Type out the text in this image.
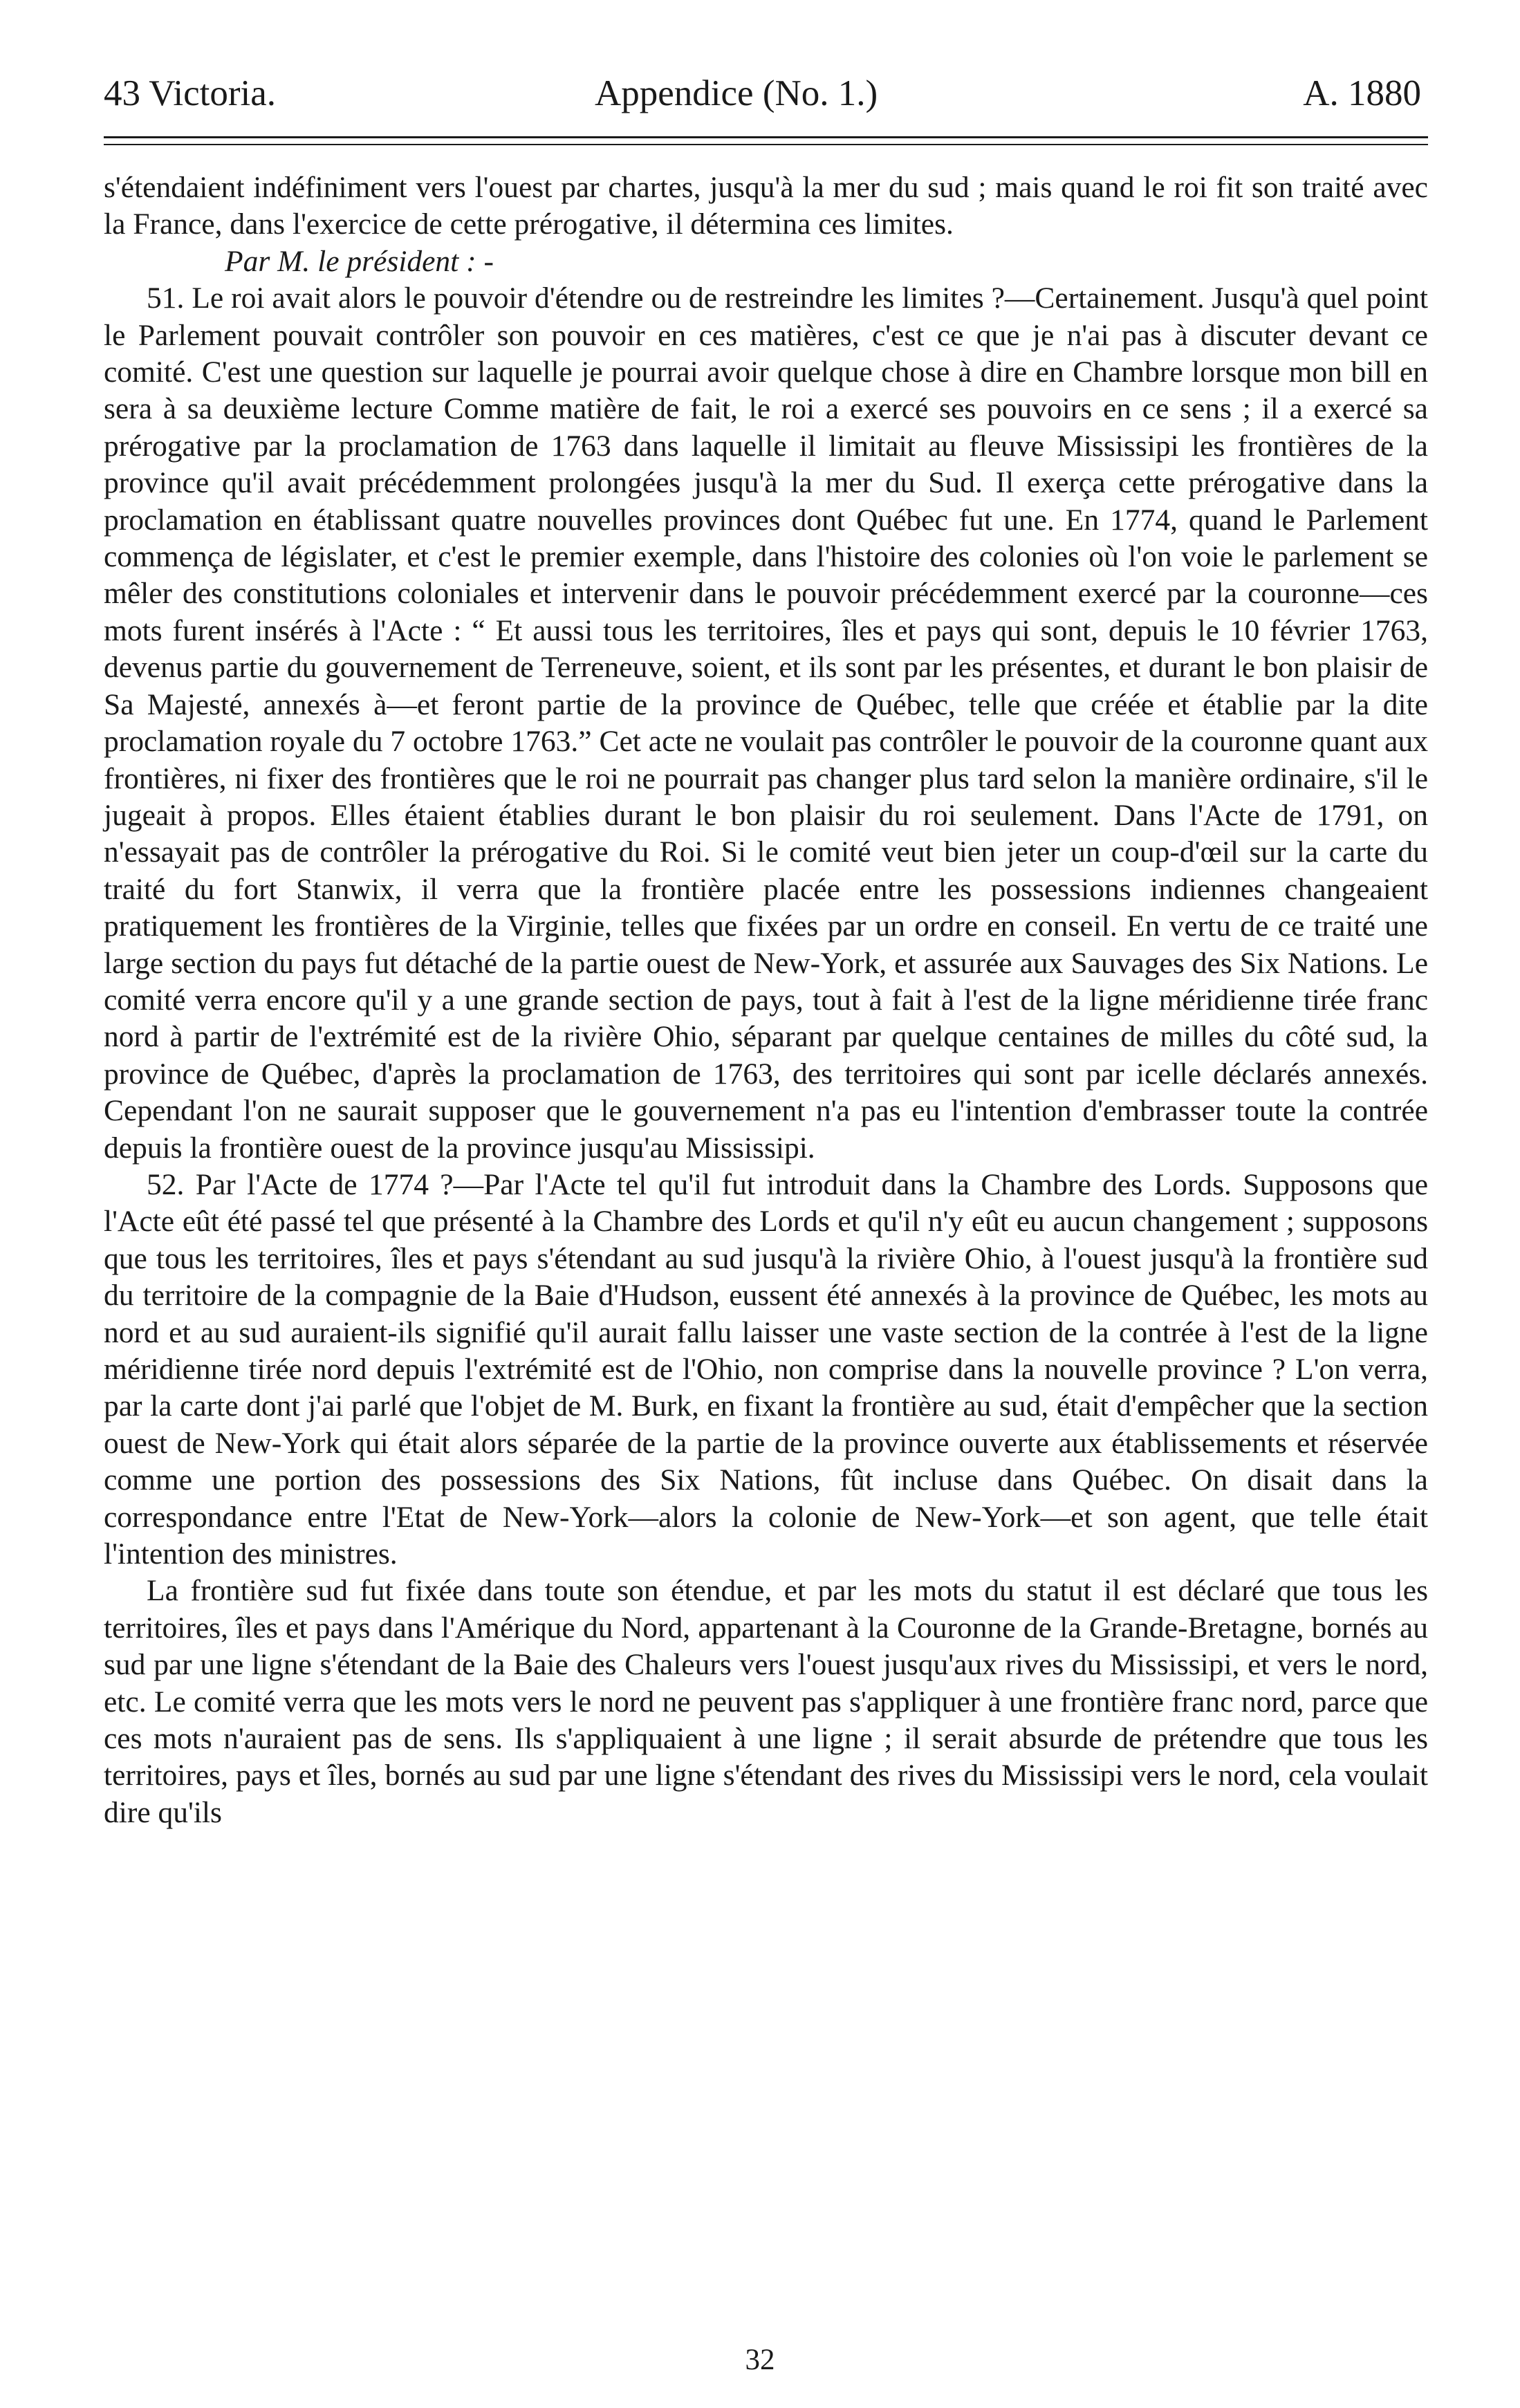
43 Victoria.	Appendice (No. 1.)	A. 1880

s'étendaient indéfiniment vers l'ouest par chartes, jusqu'à la mer du sud ; mais quand le roi fit son traité avec la France, dans l'exercice de cette prérogative, il détermina ces limites.

Par M. le président : -

51. Le roi avait alors le pouvoir d'étendre ou de restreindre les limites ?—Certainement. Jusqu'à quel point le Parlement pouvait contrôler son pouvoir en ces matières, c'est ce que je n'ai pas à discuter devant ce comité. C'est une question sur laquelle je pourrai avoir quelque chose à dire en Chambre lorsque mon bill en sera à sa deuxième lecture Comme matière de fait, le roi a exercé ses pouvoirs en ce sens ; il a exercé sa prérogative par la proclamation de 1763 dans laquelle il limitait au fleuve Mississipi les frontières de la province qu'il avait précédemment prolongées jusqu'à la mer du Sud. Il exerça cette prérogative dans la proclamation en établissant quatre nouvelles provinces dont Québec fut une. En 1774, quand le Parlement commença de législater, et c'est le premier exemple, dans l'histoire des colonies où l'on voie le parlement se mêler des constitutions coloniales et intervenir dans le pouvoir précédemment exercé par la couronne—ces mots furent insérés à l'Acte : “ Et aussi tous les territoires, îles et pays qui sont, depuis le 10 février 1763, devenus partie du gouvernement de Terreneuve, soient, et ils sont par les présentes, et durant le bon plaisir de Sa Majesté, annexés à—et feront partie de la province de Québec, telle que créée et établie par la dite proclamation royale du 7 octobre 1763.” Cet acte ne voulait pas contrôler le pouvoir de la couronne quant aux frontières, ni fixer des frontières que le roi ne pourrait pas changer plus tard selon la manière ordinaire, s'il le jugeait à propos. Elles étaient établies durant le bon plaisir du roi seulement. Dans l'Acte de 1791, on n'essayait pas de contrôler la prérogative du Roi. Si le comité veut bien jeter un coup-d'œil sur la carte du traité du fort Stanwix, il verra que la frontière placée entre les possessions indiennes changeaient pratiquement les frontières de la Virginie, telles que fixées par un ordre en conseil. En vertu de ce traité une large section du pays fut détaché de la partie ouest de New-York, et assurée aux Sauvages des Six Nations. Le comité verra encore qu'il y a une grande section de pays, tout à fait à l'est de la ligne méridienne tirée franc nord à partir de l'extrémité est de la rivière Ohio, séparant par quelque centaines de milles du côté sud, la province de Québec, d'après la proclamation de 1763, des territoires qui sont par icelle déclarés annexés. Cependant l'on ne saurait supposer que le gouvernement n'a pas eu l'intention d'embrasser toute la contrée depuis la frontière ouest de la province jusqu'au Mississipi.

52. Par l'Acte de 1774 ?—Par l'Acte tel qu'il fut introduit dans la Chambre des Lords. Supposons que l'Acte eût été passé tel que présenté à la Chambre des Lords et qu'il n'y eût eu aucun changement ; supposons que tous les territoires, îles et pays s'étendant au sud jusqu'à la rivière Ohio, à l'ouest jusqu'à la frontière sud du territoire de la compagnie de la Baie d'Hudson, eussent été annexés à la province de Québec, les mots au nord et au sud auraient-ils signifié qu'il aurait fallu laisser une vaste section de la contrée à l'est de la ligne méridienne tirée nord depuis l'extrémité est de l'Ohio, non comprise dans la nouvelle province ? L'on verra, par la carte dont j'ai parlé que l'objet de M. Burk, en fixant la frontière au sud, était d'empêcher que la section ouest de New-York qui était alors séparée de la partie de la province ouverte aux établissements et réservée comme une portion des possessions des Six Nations, fût incluse dans Québec. On disait dans la correspondance entre l'Etat de New-York—alors la colonie de New-York—et son agent, que telle était l'intention des ministres.

La frontière sud fut fixée dans toute son étendue, et par les mots du statut il est déclaré que tous les territoires, îles et pays dans l'Amérique du Nord, appartenant à la Couronne de la Grande-Bretagne, bornés au sud par une ligne s'étendant de la Baie des Chaleurs vers l'ouest jusqu'aux rives du Mississipi, et vers le nord, etc. Le comité verra que les mots vers le nord ne peuvent pas s'appliquer à une frontière franc nord, parce que ces mots n'auraient pas de sens. Ils s'appliquaient à une ligne ; il serait absurde de prétendre que tous les territoires, pays et îles, bornés au sud par une ligne s'étendant des rives du Mississipi vers le nord, cela voulait dire qu'ils

32
